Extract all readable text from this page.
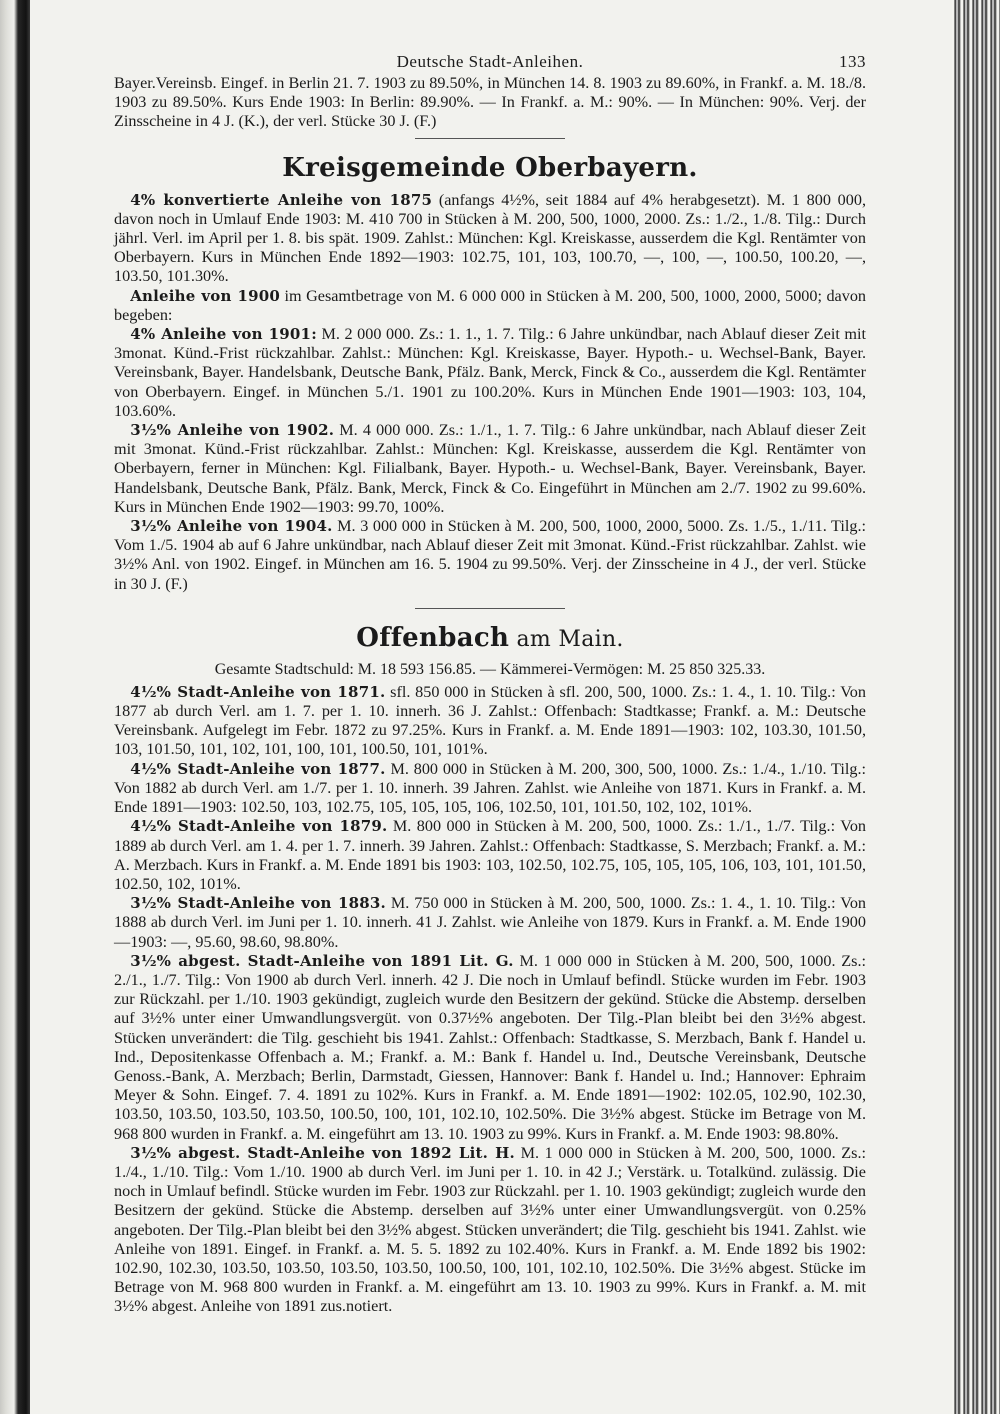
Deutsche Stadt-Anleihen.	133

Bayer.Vereinsb. Eingef. in Berlin 21. 7. 1903 zu 89.50%, in München 14. 8. 1903 zu 89.60%, in Frankf. a. M. 18./8. 1903 zu 89.50%. Kurs Ende 1903: In Berlin: 89.90%. — In Frankf. a. M.: 90%. — In München: 90%. Verj. der Zinsscheine in 4 J. (K.), der verl. Stücke 30 J. (F.)

Kreisgemeinde Oberbayern.

 4% konvertierte Anleihe von 1875 (anfangs 4½%, seit 1884 auf 4% herabgesetzt). M. 1 800 000, davon noch in Umlauf Ende 1903: M. 410 700 in Stücken à M. 200, 500, 1000, 2000. Zs.: 1./2., 1./8. Tilg.: Durch jährl. Verl. im April per 1. 8. bis spät. 1909. Zahlst.: München: Kgl. Kreiskasse, ausserdem die Kgl. Rentämter von Oberbayern. Kurs in München Ende 1892—1903: 102.75, 101, 103, 100.70, —, 100, —, 100.50, 100.20, —, 103.50, 101.30%.

 Anleihe von 1900 im Gesamtbetrage von M. 6 000 000 in Stücken à M. 200, 500, 1000, 2000, 5000; davon begeben:

 4% Anleihe von 1901: M. 2 000 000. Zs.: 1. 1., 1. 7. Tilg.: 6 Jahre unkündbar, nach Ablauf dieser Zeit mit 3monat. Künd.-Frist rückzahlbar. Zahlst.: München: Kgl. Kreiskasse, Bayer. Hypoth.- u. Wechsel-Bank, Bayer. Vereinsbank, Bayer. Handelsbank, Deutsche Bank, Pfälz. Bank, Merck, Finck & Co., ausserdem die Kgl. Rentämter von Oberbayern. Eingef. in München 5./1. 1901 zu 100.20%. Kurs in München Ende 1901—1903: 103, 104, 103.60%.

 3½% Anleihe von 1902. M. 4 000 000. Zs.: 1./1., 1. 7. Tilg.: 6 Jahre unkündbar, nach Ablauf dieser Zeit mit 3monat. Künd.-Frist rückzahlbar. Zahlst.: München: Kgl. Kreiskasse, ausserdem die Kgl. Rentämter von Oberbayern, ferner in München: Kgl. Filialbank, Bayer. Hypoth.- u. Wechsel-Bank, Bayer. Vereinsbank, Bayer. Handelsbank, Deutsche Bank, Pfälz. Bank, Merck, Finck & Co. Eingeführt in München am 2./7. 1902 zu 99.60%. Kurs in München Ende 1902—1903: 99.70, 100%.

 3½% Anleihe von 1904. M. 3 000 000 in Stücken à M. 200, 500, 1000, 2000, 5000. Zs. 1./5., 1./11. Tilg.: Vom 1./5. 1904 ab auf 6 Jahre unkündbar, nach Ablauf dieser Zeit mit 3monat. Künd.-Frist rückzahlbar. Zahlst. wie 3½% Anl. von 1902. Eingef. in München am 16. 5. 1904 zu 99.50%. Verj. der Zinsscheine in 4 J., der verl. Stücke in 30 J. (F.)

Offenbach am Main.

Gesamte Stadtschuld: M. 18 593 156.85. — Kämmerei-Vermögen: M. 25 850 325.33.

 4½% Stadt-Anleihe von 1871. sfl. 850 000 in Stücken à sfl. 200, 500, 1000. Zs.: 1. 4., 1. 10. Tilg.: Von 1877 ab durch Verl. am 1. 7. per 1. 10. innerh. 36 J. Zahlst.: Offenbach: Stadtkasse; Frankf. a. M.: Deutsche Vereinsbank. Aufgelegt im Febr. 1872 zu 97.25%. Kurs in Frankf. a. M. Ende 1891—1903: 102, 103.30, 101.50, 103, 101.50, 101, 102, 101, 100, 101, 100.50, 101, 101%.

 4½% Stadt-Anleihe von 1877. M. 800 000 in Stücken à M. 200, 300, 500, 1000. Zs.: 1./4., 1./10. Tilg.: Von 1882 ab durch Verl. am 1./7. per 1. 10. innerh. 39 Jahren. Zahlst. wie Anleihe von 1871. Kurs in Frankf. a. M. Ende 1891—1903: 102.50, 103, 102.75, 105, 105, 105, 106, 102.50, 101, 101.50, 102, 102, 101%.

 4½% Stadt-Anleihe von 1879. M. 800 000 in Stücken à M. 200, 500, 1000. Zs.: 1./1., 1./7. Tilg.: Von 1889 ab durch Verl. am 1. 4. per 1. 7. innerh. 39 Jahren. Zahlst.: Offenbach: Stadtkasse, S. Merzbach; Frankf. a. M.: A. Merzbach. Kurs in Frankf. a. M. Ende 1891 bis 1903: 103, 102.50, 102.75, 105, 105, 105, 106, 103, 101, 101.50, 102.50, 102, 101%.

 3½% Stadt-Anleihe von 1883. M. 750 000 in Stücken à M. 200, 500, 1000. Zs.: 1. 4., 1. 10. Tilg.: Von 1888 ab durch Verl. im Juni per 1. 10. innerh. 41 J. Zahlst. wie Anleihe von 1879. Kurs in Frankf. a. M. Ende 1900—1903: —, 95.60, 98.60, 98.80%.

 3½% abgest. Stadt-Anleihe von 1891 Lit. G. M. 1 000 000 in Stücken à M. 200, 500, 1000. Zs.: 2./1., 1./7. Tilg.: Von 1900 ab durch Verl. innerh. 42 J. Die noch in Umlauf befindl. Stücke wurden im Febr. 1903 zur Rückzahl. per 1./10. 1903 gekündigt, zugleich wurde den Besitzern der gekünd. Stücke die Abstemp. derselben auf 3½% unter einer Umwandlungsvergüt. von 0.37½% angeboten. Der Tilg.-Plan bleibt bei den 3½% abgest. Stücken unverändert: die Tilg. geschieht bis 1941. Zahlst.: Offenbach: Stadtkasse, S. Merzbach, Bank f. Handel u. Ind., Depositenkasse Offenbach a. M.; Frankf. a. M.: Bank f. Handel u. Ind., Deutsche Vereinsbank, Deutsche Genoss.-Bank, A. Merzbach; Berlin, Darmstadt, Giessen, Hannover: Bank f. Handel u. Ind.; Hannover: Ephraim Meyer & Sohn. Eingef. 7. 4. 1891 zu 102%. Kurs in Frankf. a. M. Ende 1891—1902: 102.05, 102.90, 102.30, 103.50, 103.50, 103.50, 103.50, 100.50, 100, 101, 102.10, 102.50%. Die 3½% abgest. Stücke im Betrage von M. 968 800 wurden in Frankf. a. M. eingeführt am 13. 10. 1903 zu 99%. Kurs in Frankf. a. M. Ende 1903: 98.80%.

 3½% abgest. Stadt-Anleihe von 1892 Lit. H. M. 1 000 000 in Stücken à M. 200, 500, 1000. Zs.: 1./4., 1./10. Tilg.: Vom 1./10. 1900 ab durch Verl. im Juni per 1. 10. in 42 J.; Verstärk. u. Totalkünd. zulässig. Die noch in Umlauf befindl. Stücke wurden im Febr. 1903 zur Rückzahl. per 1. 10. 1903 gekündigt; zugleich wurde den Besitzern der gekünd. Stücke die Abstemp. derselben auf 3½% unter einer Umwandlungsvergüt. von 0.25% angeboten. Der Tilg.-Plan bleibt bei den 3½% abgest. Stücken unverändert; die Tilg. geschieht bis 1941. Zahlst. wie Anleihe von 1891. Eingef. in Frankf. a. M. 5. 5. 1892 zu 102.40%. Kurs in Frankf. a. M. Ende 1892 bis 1902: 102.90, 102.30, 103.50, 103.50, 103.50, 103.50, 100.50, 100, 101, 102.10, 102.50%. Die 3½% abgest. Stücke im Betrage von M. 968 800 wurden in Frankf. a. M. eingeführt am 13. 10. 1903 zu 99%. Kurs in Frankf. a. M. mit 3½% abgest. Anleihe von 1891 zus.notiert.
